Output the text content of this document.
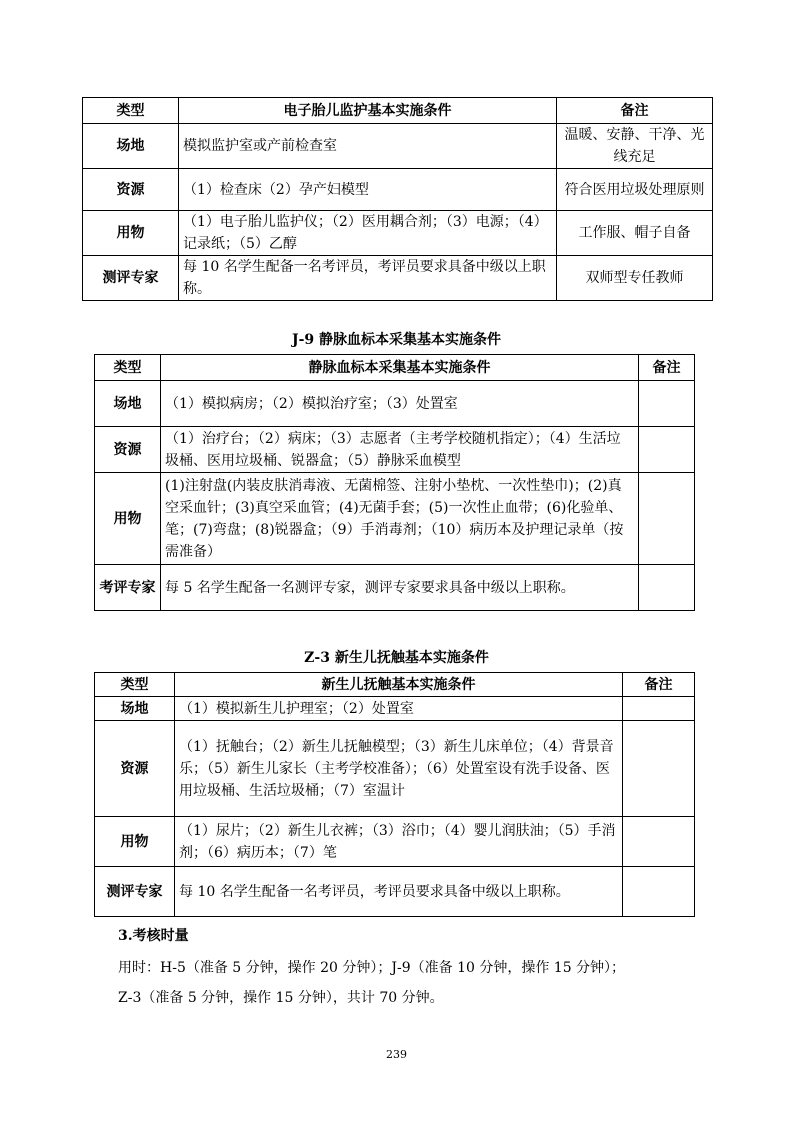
类型	电子胎儿监护基本实施条件	备注
场地	模拟监护室或产前检查室	温暖、安静、干净、光线充足
资源	（1）检查床（2）孕产妇模型	符合医用垃圾处理原则
用物	（1）电子胎儿监护仪；（2）医用耦合剂；（3）电源；（4）记录纸；（5）乙醇	工作服、帽子自备
测评专家	每 10 名学生配备一名考评员，考评员要求具备中级以上职称。	双师型专任教师
J-9 静脉血标本采集基本实施条件
类型	静脉血标本采集基本实施条件	备注
场地	（1）模拟病房；（2）模拟治疗室；（3）处置室	
资源	（1）治疗台；（2）病床；（3）志愿者（主考学校随机指定）；（4）生活垃圾桶、医用垃圾桶、锐器盒；（5）静脉采血模型	
用物	(1)注射盘(内装皮肤消毒液、无菌棉签、注射小垫枕、一次性垫巾)；(2)真空采血针；(3)真空采血管；(4)无菌手套；(5)一次性止血带；(6)化验单、笔；(7)弯盘；(8)锐器盒；（9）手消毒剂；（10）病历本及护理记录单（按需准备）	
考评专家	每 5 名学生配备一名测评专家，测评专家要求具备中级以上职称。	
Z-3 新生儿抚触基本实施条件
类型	新生儿抚触基本实施条件	备注
场地	（1）模拟新生儿护理室；（2）处置室	
资源	（1）抚触台；（2）新生儿抚触模型；（3）新生儿床单位；（4）背景音乐；（5）新生儿家长（主考学校准备）；（6）处置室设有洗手设备、医用垃圾桶、生活垃圾桶；（7）室温计	
用物	（1）尿片；（2）新生儿衣裤；（3）浴巾；（4）婴儿润肤油；（5）手消剂；（6）病历本；（7）笔	
测评专家	每 10 名学生配备一名考评员，考评员要求具备中级以上职称。	
3.考核时量
用时：H-5（准备 5 分钟，操作 20 分钟）；J-9（准备 10 分钟，操作 15 分钟）；
Z-3（准备 5 分钟，操作 15 分钟），共计 70 分钟。
239
